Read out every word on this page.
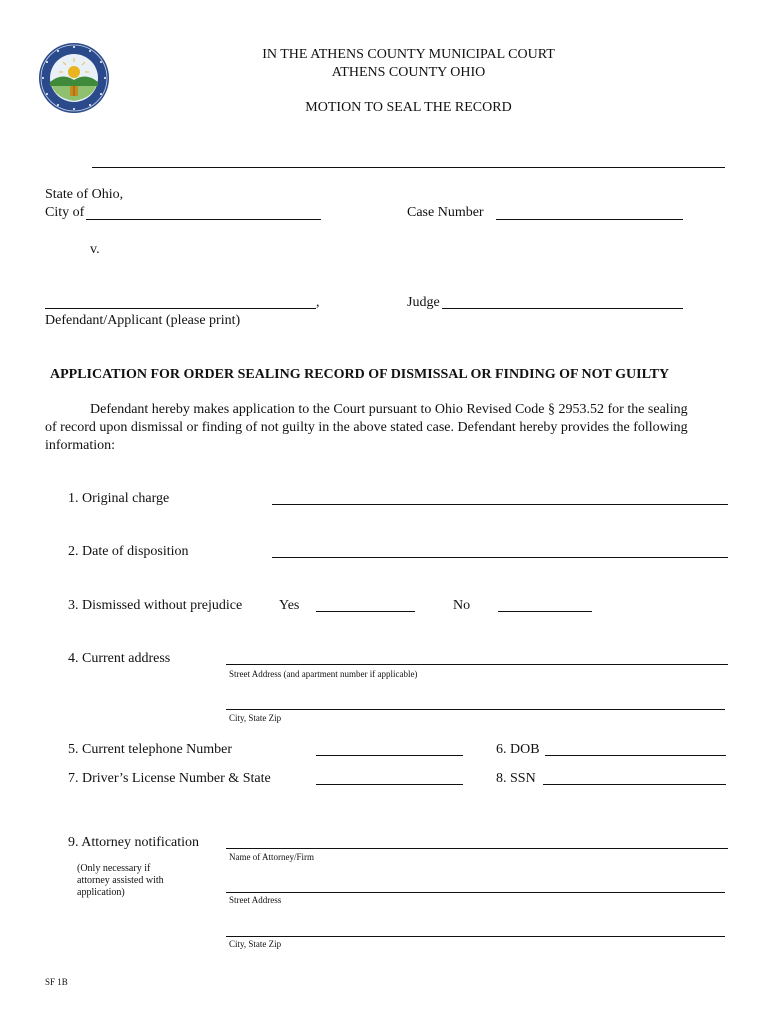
IN THE ATHENS COUNTY MUNICIPAL COURT
ATHENS COUNTY OHIO
MOTION TO SEAL THE RECORD
State of Ohio,
City of	Case Number
v.
,	Judge
Defendant/Applicant (please print)
APPLICATION FOR ORDER SEALING RECORD OF DISMISSAL OR FINDING OF NOT GUILTY
Defendant hereby makes application to the Court pursuant to Ohio Revised Code § 2953.52 for the sealing
of record upon dismissal or finding of not guilty in the above stated case. Defendant hereby provides the following
information:
1. Original charge
2. Date of disposition
3. Dismissed without prejudice	Yes	No
4. Current address
Street Address (and apartment number if applicable)
City, State Zip
5. Current telephone Number	6. DOB
7. Driver’s License Number & State	8. SSN
9. Attorney notification
Name of Attorney/Firm
(Only necessary if attorney assisted with application)
Street Address
City, State Zip
SF 1B
